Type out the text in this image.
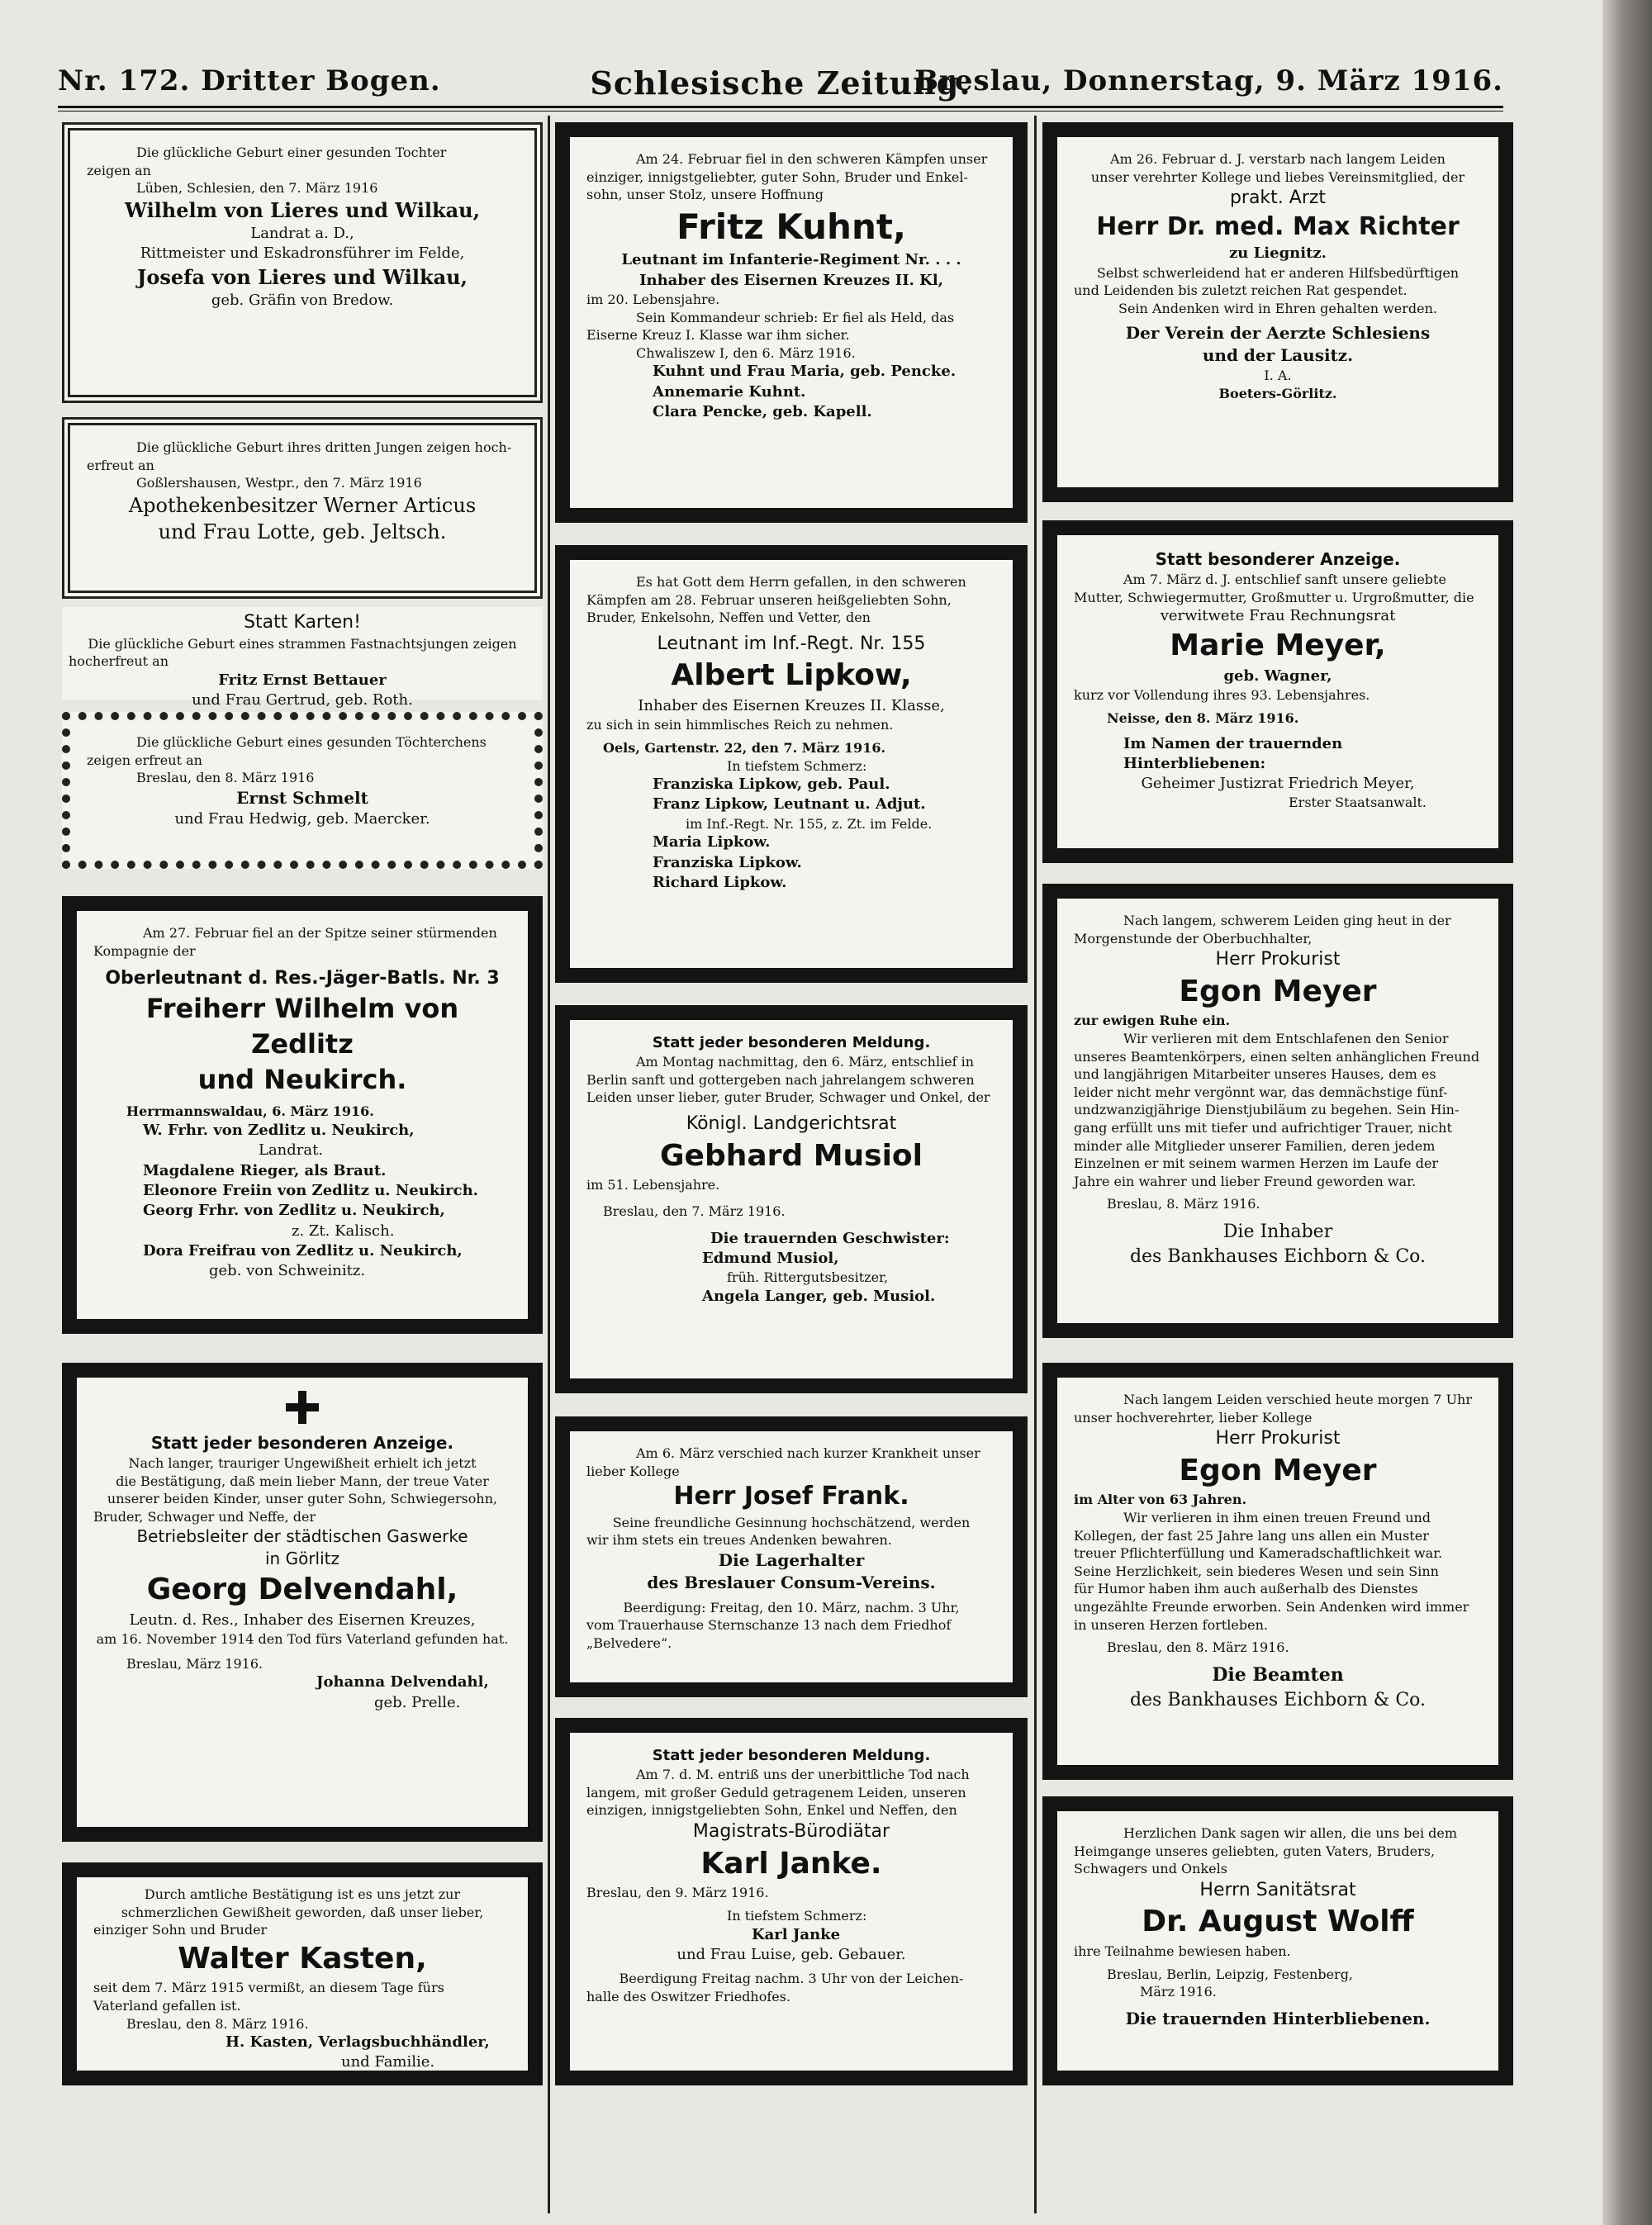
Nr. 172. Dritter Bogen.	Schlesische Zeitung.
Breslau, Donnerstag, 9. März 1916.
Die glückliche Geburt einer gesunden Tochter
zeigen an
Lüben, Schlesien, den 7. März 1916
Wilhelm von Lieres und Wilkau,
Landrat a. D.,
Rittmeister und Eskadronsführer im Felde,
Josefa von Lieres und Wilkau,
geb. Gräfin von Bredow.
Die glückliche Geburt ihres dritten Jungen zeigen hoch-
erfreut an
Goßlershausen, Westpr., den 7. März 1916
Apothekenbesitzer Werner Articus
und Frau Lotte, geb. Jeltsch.
Statt Karten!
Die glückliche Geburt eines strammen Fastnachtsjungen zeigen
hocherfreut an
Fritz Ernst Bettauer
und Frau Gertrud, geb. Roth.
Die glückliche Geburt eines gesunden Töchterchens
zeigen erfreut an
Breslau, den 8. März 1916
Ernst Schmelt
und Frau Hedwig, geb. Maercker.
Am 27. Februar fiel an der Spitze seiner stürmenden
Kompagnie der
Oberleutnant d. Res.-Jäger-Batls. Nr. 3
Freiherr Wilhelm von Zedlitz
und Neukirch.
Herrmannswaldau, 6. März 1916.
W. Frhr. von Zedlitz u. Neukirch,
Landrat.
Magdalene Rieger, als Braut.
Eleonore Freiin von Zedlitz u. Neukirch.
Georg Frhr. von Zedlitz u. Neukirch,
z. Zt. Kalisch.
Dora Freifrau von Zedlitz u. Neukirch,
geb. von Schweinitz.
Statt jeder besonderen Anzeige.
Nach langer, trauriger Ungewißheit erhielt ich jetzt
die Bestätigung, daß mein lieber Mann, der treue Vater
unserer beiden Kinder, unser guter Sohn, Schwiegersohn,
Bruder, Schwager und Neffe, der
Betriebsleiter der städtischen Gaswerke
in Görlitz
Georg Delvendahl,
Leutn. d. Res., Inhaber des Eisernen Kreuzes,
am 16. November 1914 den Tod fürs Vaterland gefunden hat.
Breslau, März 1916.
Johanna Delvendahl,
geb. Prelle.
Durch amtliche Bestätigung ist es uns jetzt zur
schmerzlichen Gewißheit geworden, daß unser lieber,
einziger Sohn und Bruder
Walter Kasten,
seit dem 7. März 1915 vermißt, an diesem Tage fürs
Vaterland gefallen ist.
Breslau, den 8. März 1916.
H. Kasten, Verlagsbuchhändler,
und Familie.
Am 24. Februar fiel in den schweren Kämpfen unser
einziger, innigstgeliebter, guter Sohn, Bruder und Enkel-
sohn, unser Stolz, unsere Hoffnung
Fritz Kuhnt,
Leutnant im Infanterie-Regiment Nr. . . .
Inhaber des Eisernen Kreuzes II. Kl,
im 20. Lebensjahre.
Sein Kommandeur schrieb: Er fiel als Held, das
Eiserne Kreuz I. Klasse war ihm sicher.
Chwaliszew I, den 6. März 1916.
Kuhnt und Frau Maria, geb. Pencke.
Annemarie Kuhnt.
Clara Pencke, geb. Kapell.
Es hat Gott dem Herrn gefallen, in den schweren
Kämpfen am 28. Februar unseren heißgeliebten Sohn,
Bruder, Enkelsohn, Neffen und Vetter, den
Leutnant im Inf.-Regt. Nr. 155
Albert Lipkow,
Inhaber des Eisernen Kreuzes II. Klasse,
zu sich in sein himmlisches Reich zu nehmen.
Oels, Gartenstr. 22, den 7. März 1916.
In tiefstem Schmerz:
Franziska Lipkow, geb. Paul.
Franz Lipkow, Leutnant u. Adjut.
im Inf.-Regt. Nr. 155, z. Zt. im Felde.
Maria Lipkow.
Franziska Lipkow.
Richard Lipkow.
Statt jeder besonderen Meldung.
Am Montag nachmittag, den 6. März, entschlief in
Berlin sanft und gottergeben nach jahrelangem schweren
Leiden unser lieber, guter Bruder, Schwager und Onkel, der
Königl. Landgerichtsrat
Gebhard Musiol
im 51. Lebensjahre.
Breslau, den 7. März 1916.
Die trauernden Geschwister:
Edmund Musiol,
früh. Rittergutsbesitzer,
Angela Langer, geb. Musiol.
Am 6. März verschied nach kurzer Krankheit unser
lieber Kollege
Herr Josef Frank.
Seine freundliche Gesinnung hochschätzend, werden
wir ihm stets ein treues Andenken bewahren.
Die Lagerhalter
des Breslauer Consum-Vereins.
Beerdigung: Freitag, den 10. März, nachm. 3 Uhr,
vom Trauerhause Sternschanze 13 nach dem Friedhof
„Belvedere“.
Statt jeder besonderen Meldung.
Am 7. d. M. entriß uns der unerbittliche Tod nach
langem, mit großer Geduld getragenem Leiden, unseren
einzigen, innigstgeliebten Sohn, Enkel und Neffen, den
Magistrats-Bürodiätar
Karl Janke.
Breslau, den 9. März 1916.
In tiefstem Schmerz:
Karl Janke
und Frau Luise, geb. Gebauer.
Beerdigung Freitag nachm. 3 Uhr von der Leichen-
halle des Oswitzer Friedhofes.
Am 26. Februar d. J. verstarb nach langem Leiden
unser verehrter Kollege und liebes Vereinsmitglied, der
prakt. Arzt
Herr Dr. med. Max Richter
zu Liegnitz.
Selbst schwerleidend hat er anderen Hilfsbedürftigen
und Leidenden bis zuletzt reichen Rat gespendet.
Sein Andenken wird in Ehren gehalten werden.
Der Verein der Aerzte Schlesiens
und der Lausitz.
I. A.
Boeters-Görlitz.
Statt besonderer Anzeige.
Am 7. März d. J. entschlief sanft unsere geliebte
Mutter, Schwiegermutter, Großmutter u. Urgroßmutter, die
verwitwete Frau Rechnungsrat
Marie Meyer,
geb. Wagner,
kurz vor Vollendung ihres 93. Lebensjahres.
Neisse, den 8. März 1916.
Im Namen der trauernden Hinterbliebenen:
Geheimer Justizrat Friedrich Meyer,
Erster Staatsanwalt.
Nach langem, schwerem Leiden ging heut in der
Morgenstunde der Oberbuchhalter,
Herr Prokurist
Egon Meyer
zur ewigen Ruhe ein.
Wir verlieren mit dem Entschlafenen den Senior
unseres Beamtenkörpers, einen selten anhänglichen Freund
und langjährigen Mitarbeiter unseres Hauses, dem es
leider nicht mehr vergönnt war, das demnächstige fünf-
undzwanzigjährige Dienstjubiläum zu begehen. Sein Hin-
gang erfüllt uns mit tiefer und aufrichtiger Trauer, nicht
minder alle Mitglieder unserer Familien, deren jedem
Einzelnen er mit seinem warmen Herzen im Laufe der
Jahre ein wahrer und lieber Freund geworden war.
Breslau, 8. März 1916.
Die Inhaber
des Bankhauses Eichborn & Co.
Nach langem Leiden verschied heute morgen 7 Uhr
unser hochverehrter, lieber Kollege
Herr Prokurist
Egon Meyer
im Alter von 63 Jahren.
Wir verlieren in ihm einen treuen Freund und
Kollegen, der fast 25 Jahre lang uns allen ein Muster
treuer Pflichterfüllung und Kameradschaftlichkeit war.
Seine Herzlichkeit, sein biederes Wesen und sein Sinn
für Humor haben ihm auch außerhalb des Dienstes
ungezählte Freunde erworben. Sein Andenken wird immer
in unseren Herzen fortleben.
Breslau, den 8. März 1916.
Die Beamten
des Bankhauses Eichborn & Co.
Herzlichen Dank sagen wir allen, die uns bei dem
Heimgange unseres geliebten, guten Vaters, Bruders,
Schwagers und Onkels
Herrn Sanitätsrat
Dr. August Wolff
ihre Teilnahme bewiesen haben.
Breslau, Berlin, Leipzig, Festenberg,
März 1916.
Die trauernden Hinterbliebenen.
